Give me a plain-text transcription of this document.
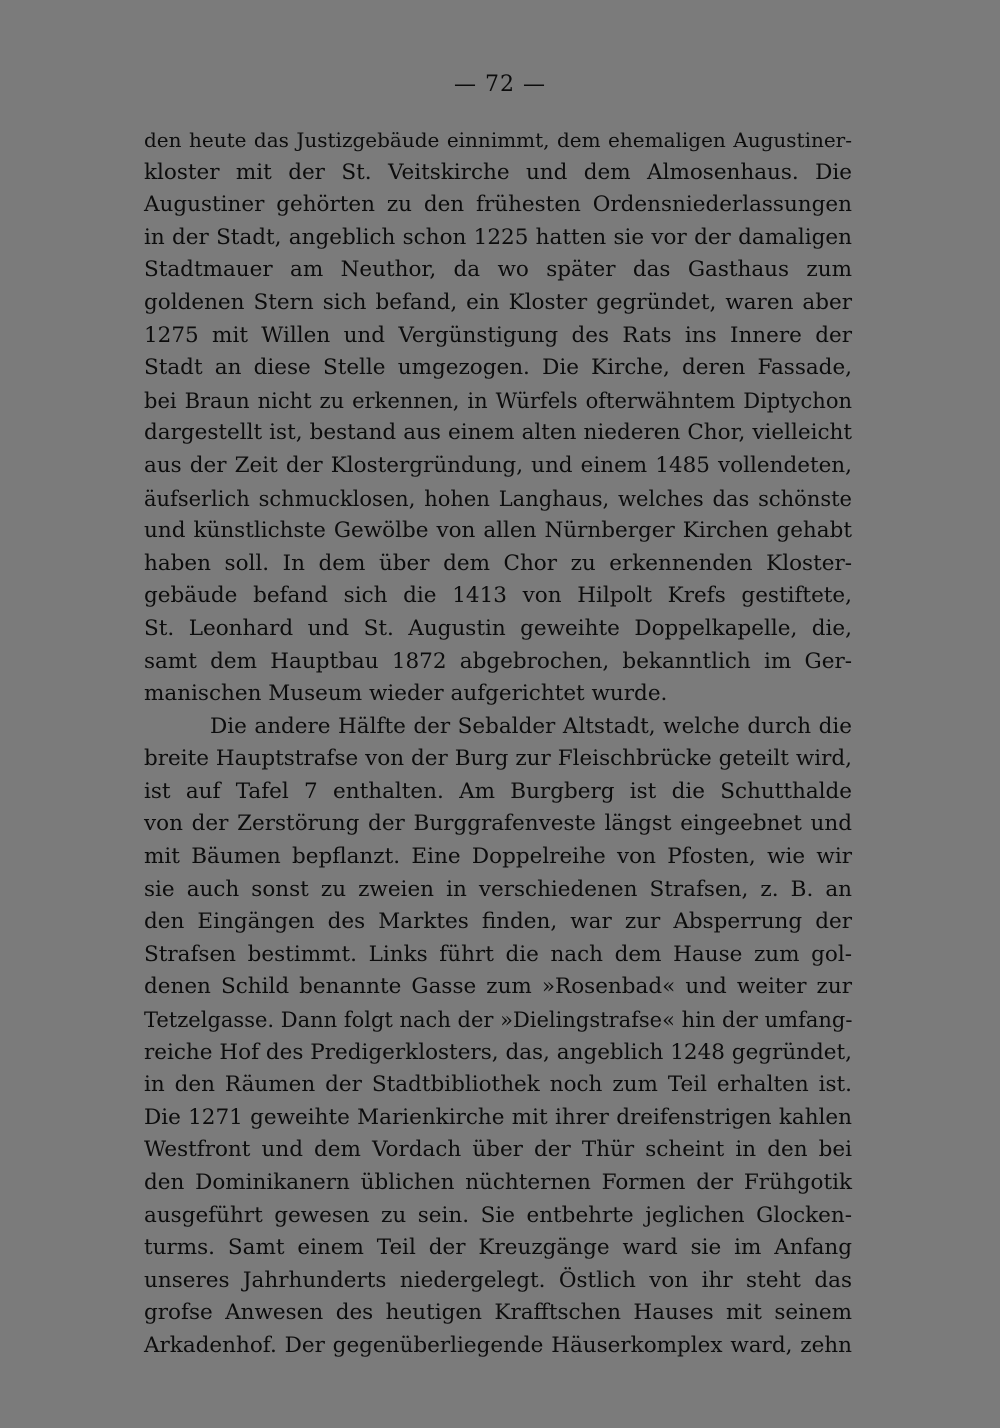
— 72 —
den heute das Justizgebäude einnimmt, dem ehemaligen Augustiner-
kloster mit der St. Veitskirche und dem Almosenhaus. Die
Augustiner gehörten zu den frühesten Ordensniederlassungen
in der Stadt, angeblich schon 1225 hatten sie vor der damaligen
Stadtmauer am Neuthor, da wo später das Gasthaus zum
goldenen Stern sich befand, ein Kloster gegründet, waren aber
1275 mit Willen und Vergünstigung des Rats ins Innere der
Stadt an diese Stelle umgezogen. Die Kirche, deren Fassade,
bei Braun nicht zu erkennen, in Würfels ofterwähntem Diptychon
dargestellt ist, bestand aus einem alten niederen Chor, vielleicht
aus der Zeit der Klostergründung, und einem 1485 vollendeten,
äufserlich schmucklosen, hohen Langhaus, welches das schönste
und künstlichste Gewölbe von allen Nürnberger Kirchen gehabt
haben soll. In dem über dem Chor zu erkennenden Kloster-
gebäude befand sich die 1413 von Hilpolt Krefs gestiftete,
St. Leonhard und St. Augustin geweihte Doppelkapelle, die,
samt dem Hauptbau 1872 abgebrochen, bekanntlich im Ger-
manischen Museum wieder aufgerichtet wurde.
Die andere Hälfte der Sebalder Altstadt, welche durch die
breite Hauptstrafse von der Burg zur Fleischbrücke geteilt wird,
ist auf Tafel 7 enthalten. Am Burgberg ist die Schutthalde
von der Zerstörung der Burggrafenveste längst eingeebnet und
mit Bäumen bepflanzt. Eine Doppelreihe von Pfosten, wie wir
sie auch sonst zu zweien in verschiedenen Strafsen, z. B. an
den Eingängen des Marktes finden, war zur Absperrung der
Strafsen bestimmt. Links führt die nach dem Hause zum gol-
denen Schild benannte Gasse zum »Rosenbad« und weiter zur
Tetzelgasse. Dann folgt nach der »Dielingstrafse« hin der umfang-
reiche Hof des Predigerklosters, das, angeblich 1248 gegründet,
in den Räumen der Stadtbibliothek noch zum Teil erhalten ist.
Die 1271 geweihte Marienkirche mit ihrer dreifenstrigen kahlen
Westfront und dem Vordach über der Thür scheint in den bei
den Dominikanern üblichen nüchternen Formen der Frühgotik
ausgeführt gewesen zu sein. Sie entbehrte jeglichen Glocken-
turms. Samt einem Teil der Kreuzgänge ward sie im Anfang
unseres Jahrhunderts niedergelegt. Östlich von ihr steht das
grofse Anwesen des heutigen Krafftschen Hauses mit seinem
Arkadenhof. Der gegenüberliegende Häuserkomplex ward, zehn
